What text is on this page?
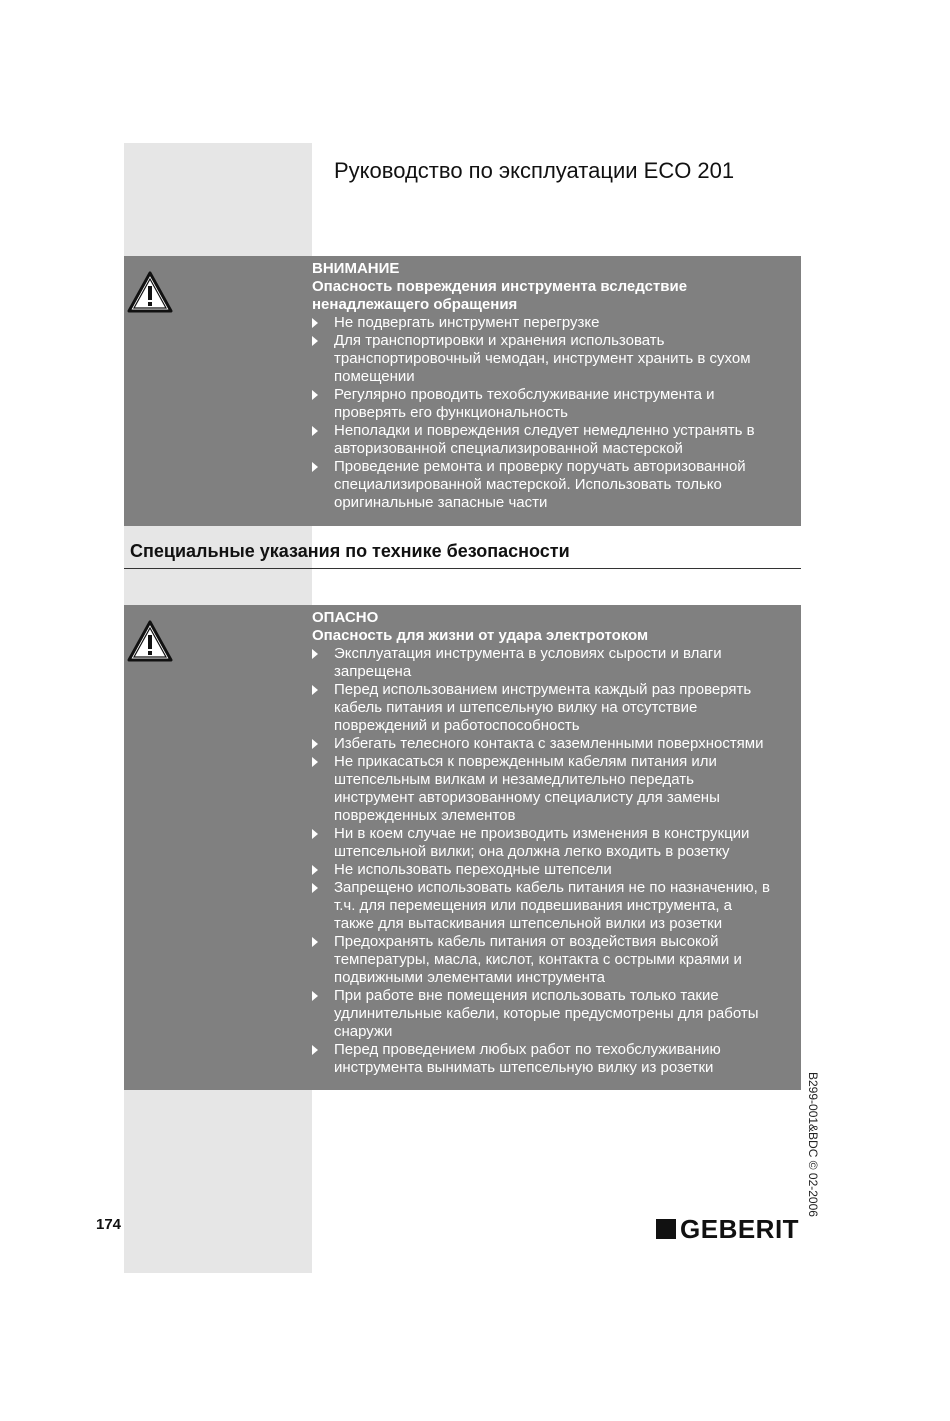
Руководство по эксплуатации ECO 201

ВНИМАНИЕ

Опасность повреждения инструмента вследствие
ненадлежащего обращения

Не подвергать инструмент перегрузке
Для транспортировки и хранения использовать
транспортировочный чемодан, инструмент хранить в сухом
помещении
Регулярно проводить техобслуживание инструмента и
проверять его функциональность
Неполадки и повреждения следует немедленно устранять в
авторизованной специализированной мастерской
Проведение ремонта и проверку поручать авторизованной
специализированной мастерской. Использовать только
оригинальные запасные части
Специальные указания по технике безопасности

ОПАСНО

Опасность для жизни от удара электротоком

Эксплуатация инструмента в условиях сырости и влаги
запрещена
Перед использованием инструмента каждый раз проверять
кабель питания и штепсельную вилку на отсутствие
повреждений и работоспособность
Избегать телесного контакта с заземленными поверхностями
Не прикасаться к поврежденным кабелям питания или
штепсельным вилкам и незамедлительно передать
инструмент авторизованному специалисту для замены
поврежденных элементов
Ни в коем случае не производить изменения в конструкции
штепсельной вилки; она должна легко входить в розетку
Не использовать переходные штепсели
Запрещено использовать кабель питания не по назначению, в
т.ч. для перемещения или подвешивания инструмента, а
также для вытаскивания штепсельной вилки из розетки
Предохранять кабель питания от воздействия высокой
температуры, масла, кислот, контакта с острыми краями и
подвижными элементами инструмента
При работе вне помещения использовать только такие
удлинительные кабели, которые предусмотрены для работы
снаружи
Перед проведением любых работ по техобслуживанию
инструмента вынимать штепсельную вилку из розетки
174
B299-001&BDC © 02-2006
GEBERIT
